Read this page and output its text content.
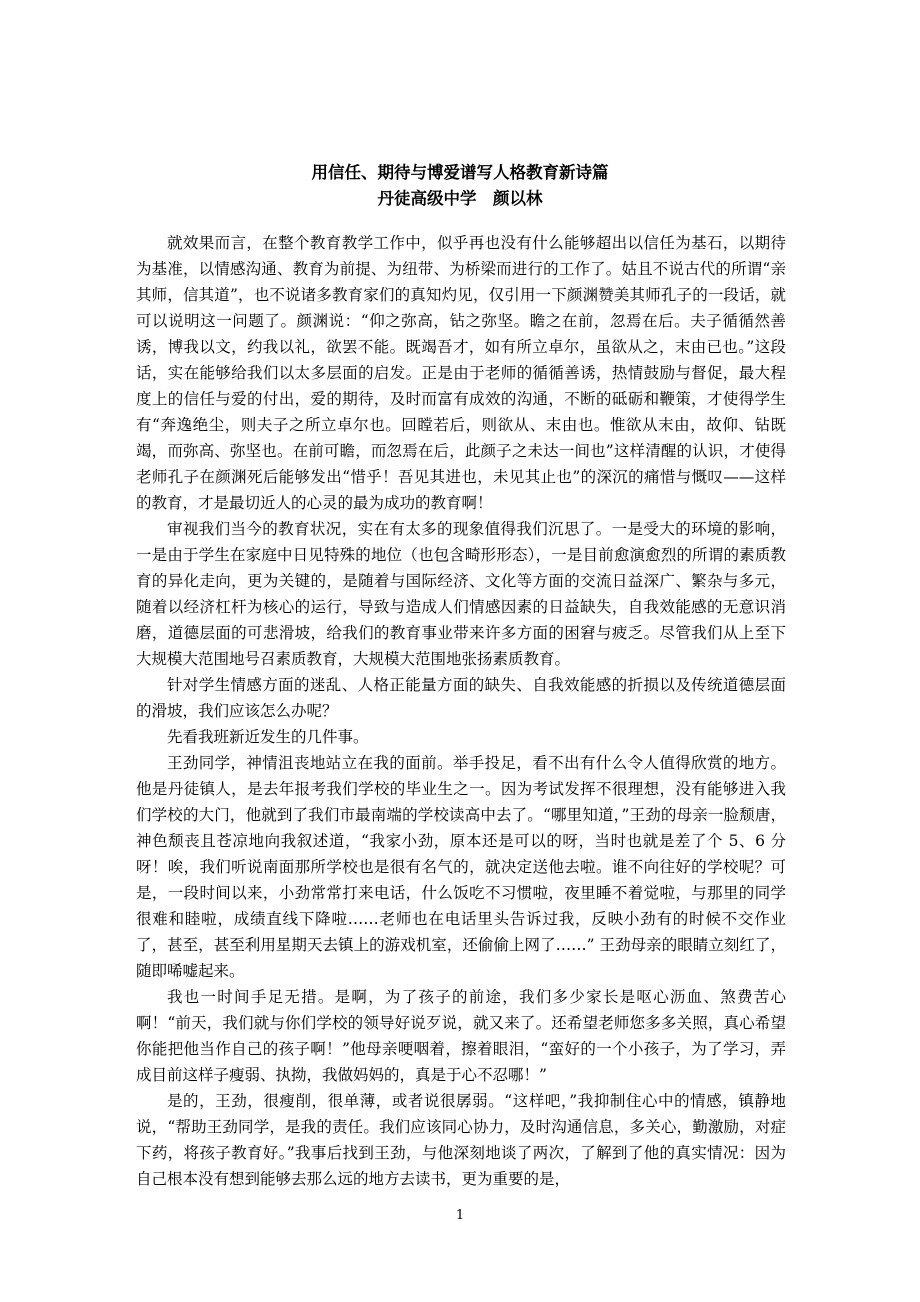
用信任、期待与博爱谱写人格教育新诗篇

丹徒高级中学　颜以林

就效果而言，在整个教育教学工作中，似乎再也没有什么能够超出以信任为基石，以期待为基准，以情感沟通、教育为前提、为纽带、为桥梁而进行的工作了。姑且不说古代的所谓“亲其师，信其道”，也不说诸多教育家们的真知灼见，仅引用一下颜渊赞美其师孔子的一段话，就可以说明这一问题了。颜渊说：“仰之弥高，钻之弥坚。瞻之在前，忽焉在后。夫子循循然善诱，博我以文，约我以礼，欲罢不能。既竭吾才，如有所立卓尔，虽欲从之，末由已也。”这段话，实在能够给我们以太多层面的启发。正是由于老师的循循善诱，热情鼓励与督促，最大程度上的信任与爱的付出，爱的期待，及时而富有成效的沟通，不断的砥砺和鞭策，才使得学生有“奔逸绝尘，则夫子之所立卓尔也。回瞠若后，则欲从、末由也。惟欲从末由，故仰、钻既竭，而弥高、弥坚也。在前可瞻，而忽焉在后，此颜子之未达一间也”这样清醒的认识，才使得老师孔子在颜渊死后能够发出“惜乎！吾见其进也，未见其止也”的深沉的痛惜与慨叹——这样的教育，才是最切近人的心灵的最为成功的教育啊！

审视我们当今的教育状况，实在有太多的现象值得我们沉思了。一是受大的环境的影响，一是由于学生在家庭中日见特殊的地位（也包含畸形形态），一是目前愈演愈烈的所谓的素质教育的异化走向，更为关键的，是随着与国际经济、文化等方面的交流日益深广、繁杂与多元，随着以经济杠杆为核心的运行，导致与造成人们情感因素的日益缺失，自我效能感的无意识消磨，道德层面的可悲滑坡，给我们的教育事业带来许多方面的困窘与疲乏。尽管我们从上至下大规模大范围地号召素质教育，大规模大范围地张扬素质教育。

针对学生情感方面的迷乱、人格正能量方面的缺失、自我效能感的折损以及传统道德层面的滑坡，我们应该怎么办呢？

先看我班新近发生的几件事。

王劲同学，神情沮丧地站立在我的面前。举手投足，看不出有什么令人值得欣赏的地方。他是丹徒镇人，是去年报考我们学校的毕业生之一。因为考试发挥不很理想，没有能够进入我们学校的大门，他就到了我们市最南端的学校读高中去了。“哪里知道，”王劲的母亲一脸颓唐，神色颓丧且苍凉地向我叙述道，“我家小劲，原本还是可以的呀，当时也就是差了个 5、6 分呀！唉，我们听说南面那所学校也是很有名气的，就决定送他去啦。谁不向往好的学校呢？可是，一段时间以来，小劲常常打来电话，什么饭吃不习惯啦，夜里睡不着觉啦，与那里的同学很难和睦啦，成绩直线下降啦……老师也在电话里头告诉过我，反映小劲有的时候不交作业了，甚至，甚至利用星期天去镇上的游戏机室，还偷偷上网了……” 王劲母亲的眼睛立刻红了，随即唏嘘起来。

我也一时间手足无措。是啊，为了孩子的前途，我们多少家长是呕心沥血、煞费苦心啊！“前天，我们就与你们学校的领导好说歹说，就又来了。还希望老师您多多关照，真心希望你能把他当作自己的孩子啊！”他母亲哽咽着，擦着眼泪，“蛮好的一个小孩子，为了学习，弄成目前这样子瘦弱、执拗，我做妈妈的，真是于心不忍哪！”

是的，王劲，很瘦削，很单薄，或者说很孱弱。“这样吧，”我抑制住心中的情感，镇静地说，“帮助王劲同学，是我的责任。我们应该同心协力，及时沟通信息，多关心，勤激励，对症下药，将孩子教育好。”我事后找到王劲，与他深刻地谈了两次，了解到了他的真实情况：因为自己根本没有想到能够去那么远的地方去读书，更为重要的是，

1
